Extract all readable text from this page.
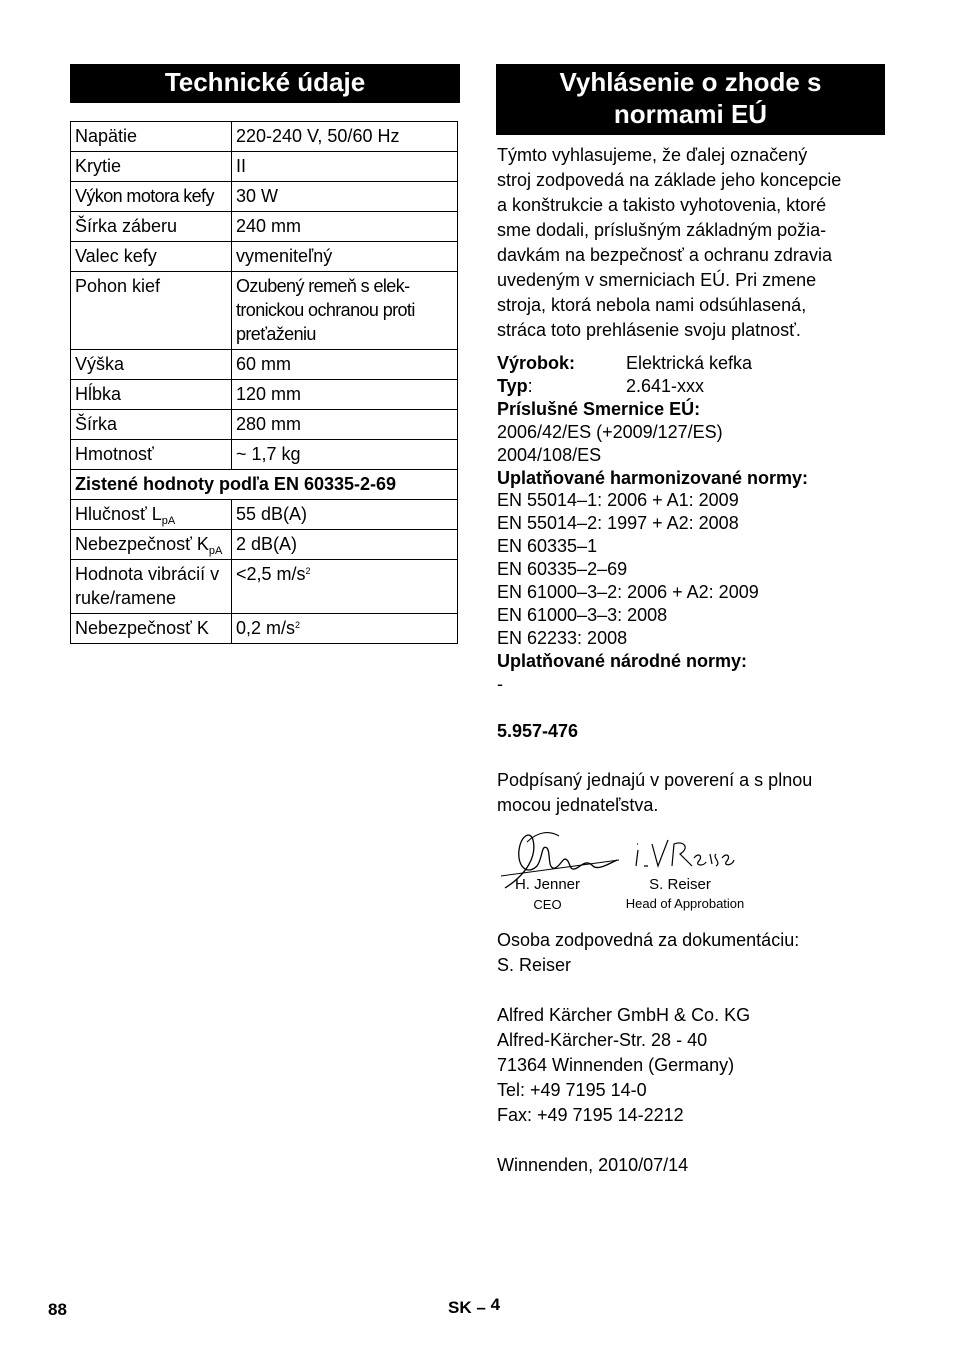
Technické údaje
Napätie	220-240 V, 50/60 Hz
Krytie	II
Výkon motora kefy	30 W
Šírka záberu	240 mm
Valec kefy	vymeniteľný
Pohon kief	Ozubený remeň s elek-tronickou ochranou proti preťaženiu
Výška	60 mm
Hĺbka	120 mm
Šírka	280 mm
Hmotnosť	~ 1,7 kg
Zistené hodnoty podľa EN 60335-2-69	
Hlučnosť $L_{pA}$	55 dB(A)
Nebezpečnosť $K_{pA}$	2 dB(A)
Hodnota vibrácií v ruke/ramene	<2,5 $m/s^2$
Nebezpečnosť K	0,2 $m/s^2$
Vyhlásenie o zhode s
normami EÚ
Týmto vyhlasujeme, že ďalej označený
stroj zodpovedá na základe jeho koncepcie
a konštrukcie a takisto vyhotovenia, ktoré
sme dodali, príslušným základným požia-
davkám na bezpečnosť a ochranu zdravia
uvedeným v smerniciach EÚ. Pri zmene
stroja, ktorá nebola nami odsúhlasená,
stráca toto prehlásenie svoju platnosť.
Výrobok:	Elektrická kefka
Typ:	2.641-xxx
Príslušné Smernice EÚ:
2006/42/ES (+2009/127/ES)
2004/108/ES
Uplatňované harmonizované normy:
EN 55014–1: 2006 + A1: 2009
EN 55014–2: 1997 + A2: 2008
EN 60335–1
EN 60335–2–69
EN 61000–3–2: 2006 + A2: 2009
EN 61000–3–3: 2008
EN 62233: 2008
Uplatňované národné normy:
-
5.957-476
Podpísaný jednajú v poverení a s plnou
mocou jednateľstva.
H. Jenner
CEO
S. Reiser
Head of Approbation
Osoba zodpovedná za dokumentáciu:
S. Reiser
Alfred Kärcher GmbH & Co. KG
Alfred-Kärcher-Str. 28 - 40
71364 Winnenden (Germany)
Tel: +49 7195 14-0
Fax: +49 7195 14-2212
Winnenden, 2010/07/14
88	SK – 4
